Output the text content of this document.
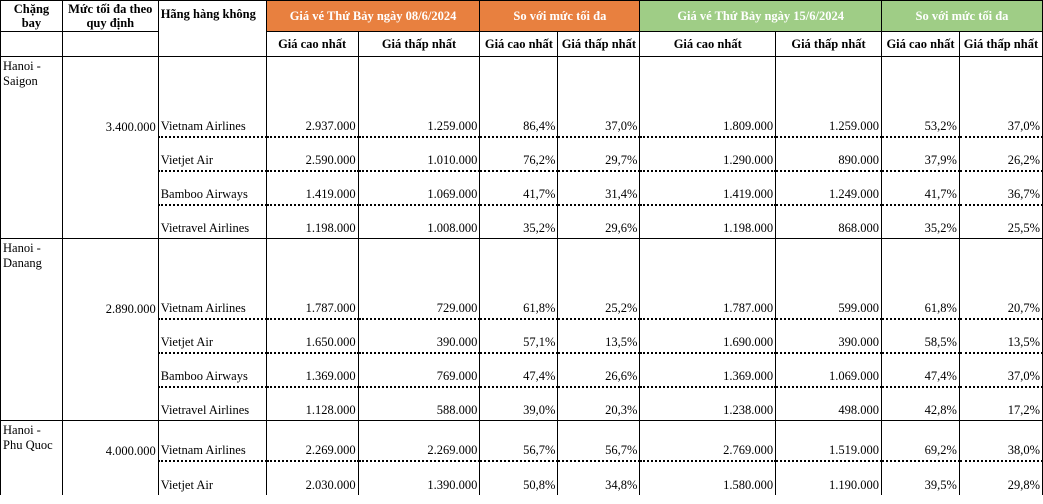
Chặng bay	Mức tối đa theo quy định	Hãng hàng không	Giá vé Thứ Bảy ngày 08/6/2024		So với mức tối đa		Giá vé Thứ Bảy ngày 15/6/2024		So với mức tối đa	
			Giá cao nhất	Giá thấp nhất	Giá cao nhất	Giá thấp nhất	Giá cao nhất	Giá thấp nhất	Giá cao nhất	Giá thấp nhất
Hanoi - Saigon	3.400.000	Vietnam Airlines	2.937.000	1.259.000	86,4%	37,0%	1.809.000	1.259.000	53,2%	37,0%
		Vietjet Air	2.590.000	1.010.000	76,2%	29,7%	1.290.000	890.000	37,9%	26,2%
		Bamboo Airways	1.419.000	1.069.000	41,7%	31,4%	1.419.000	1.249.000	41,7%	36,7%
		Vietravel Airlines	1.198.000	1.008.000	35,2%	29,6%	1.198.000	868.000	35,2%	25,5%
Hanoi - Danang	2.890.000	Vietnam Airlines	1.787.000	729.000	61,8%	25,2%	1.787.000	599.000	61,8%	20,7%
		Vietjet Air	1.650.000	390.000	57,1%	13,5%	1.690.000	390.000	58,5%	13,5%
		Bamboo Airways	1.369.000	769.000	47,4%	26,6%	1.369.000	1.069.000	47,4%	37,0%
		Vietravel Airlines	1.128.000	588.000	39,0%	20,3%	1.238.000	498.000	42,8%	17,2%
Hanoi - Phu Quoc	4.000.000	Vietnam Airlines	2.269.000	2.269.000	56,7%	56,7%	2.769.000	1.519.000	69,2%	38,0%
		Vietjet Air	2.030.000	1.390.000	50,8%	34,8%	1.580.000	1.190.000	39,5%	29,8%
